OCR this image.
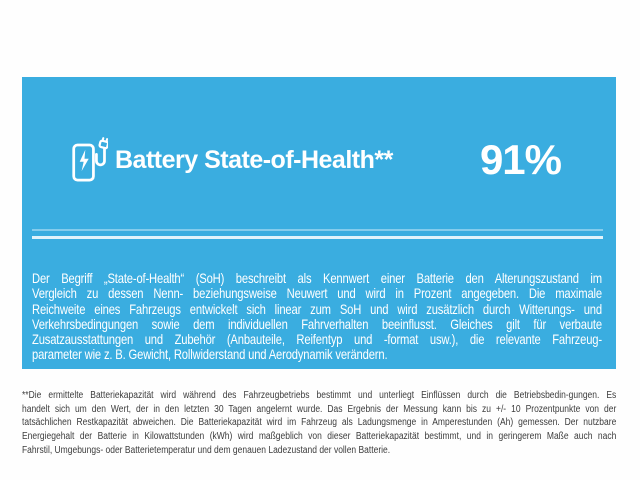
Battery State-of-Health** 91%
Der Begriff „State-of-Health“ (SoH) beschreibt als Kennwert einer Batterie den Alterungszustand im
Vergleich zu dessen Nenn- beziehungsweise Neuwert und wird in Prozent angegeben. Die maximale
Reichweite eines Fahrzeugs entwickelt sich linear zum SoH und wird zusätzlich durch Witterungs- und
Verkehrsbedingungen sowie dem individuellen Fahrverhalten beeinflusst. Gleiches gilt für verbaute
Zusatzausstattungen und Zubehör (Anbauteile, Reifentyp und -format usw.), die relevante Fahrzeug-
parameter wie z. B. Gewicht, Rollwiderstand und Aerodynamik verändern.
**Die ermittelte Batteriekapazität wird während des Fahrzeugbetriebs bestimmt und unterliegt Einflüssen durch die Betriebsbedin-gungen. Es
handelt sich um den Wert, der in den letzten 30 Tagen angelernt wurde. Das Ergebnis der Messung kann bis zu +/- 10 Prozentpunkte von der
tatsächlichen Restkapazität abweichen. Die Batteriekapazität wird im Fahrzeug als Ladungsmenge in Amperestunden (Ah) gemessen. Der nutzbare
Energiegehalt der Batterie in Kilowattstunden (kWh) wird maßgeblich von dieser Batteriekapazität bestimmt, und in geringerem Maße auch nach
Fahrstil, Umgebungs- oder Batterietemperatur und dem genauen Ladezustand der vollen Batterie.
